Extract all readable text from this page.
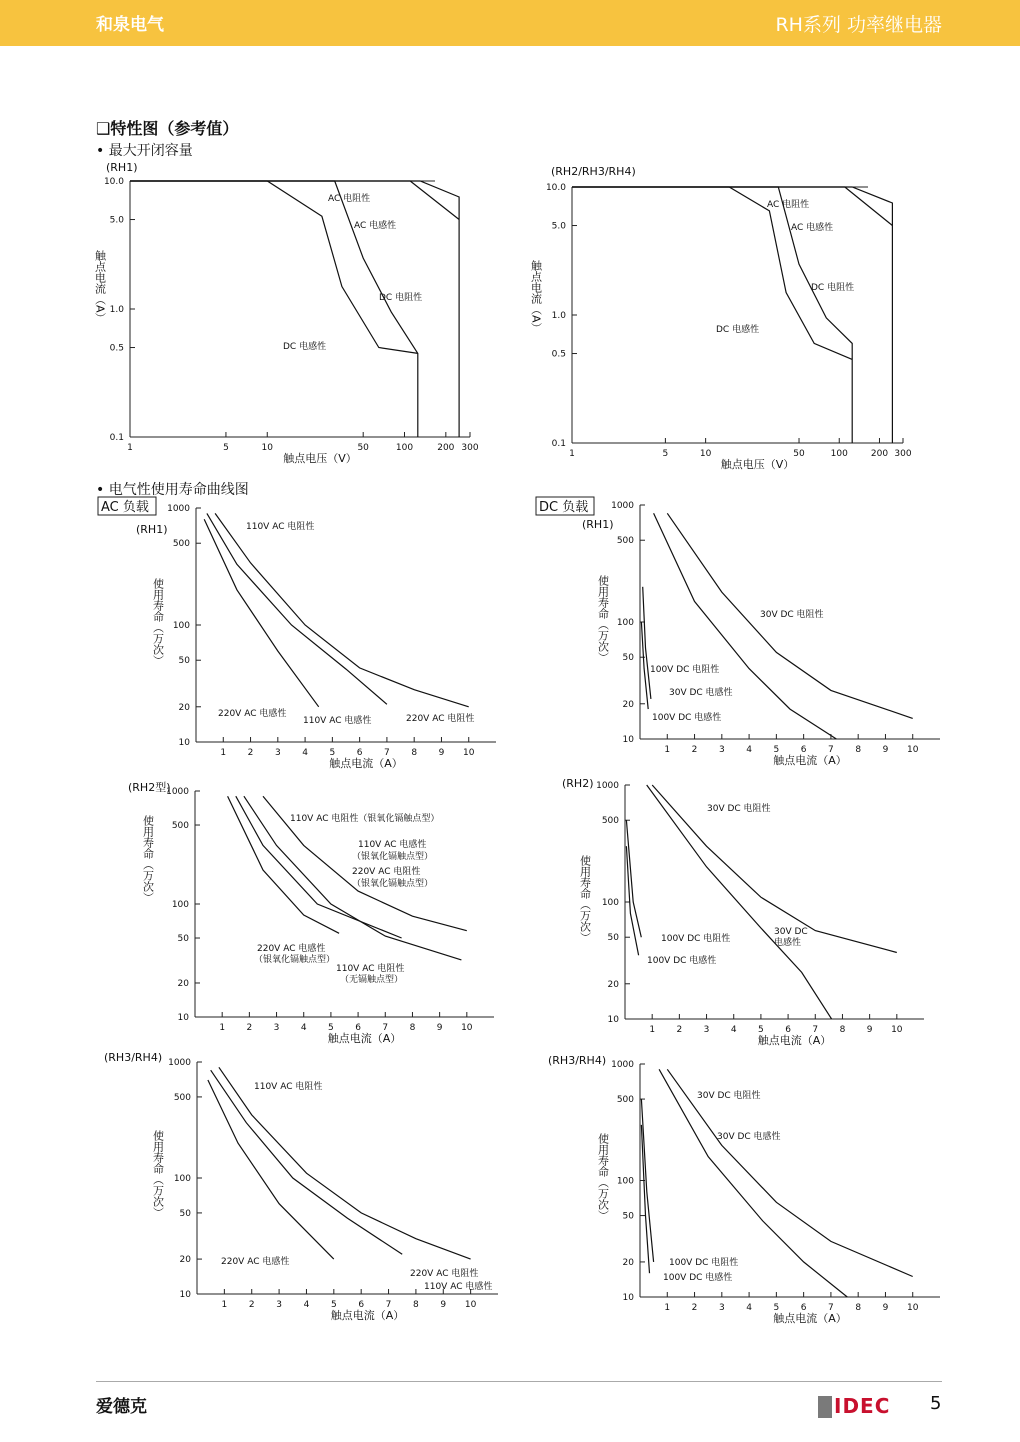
和泉电气	RH系列 功率继电器
❑特性图（参考值）
• 最大开闭容量
• 电气性使用寿命曲线图
1	5	10	50	100	200 300
0.1
0.5
1.0
5.0
10.0
触点电压（V）
触点电流（A）
(RH1)
AC 电阻性
AC 电感性
DC 电阻性
DC 电感性
1	5	10	50	100	200 300
0.1
0.5
1.0
5.0
10.0
触点电压（V）
触点电流（A）
(RH2/RH3/RH4)
AC 电阻性
AC 电感性
DC 电阻性
DC 电感性
1 2 3 4 5 6 7 8 9 10
10
20
50
100
500
1000
触点电流（A）
使用寿命（万次）
(RH1)
AC 负载
110V AC 电阻性
220V AC 电感性
110V AC 电感性	220V AC 电阻性
1 2 3 4 5 6 7 8 9 10
10
20
50
100
500
1000
触点电流（A）
使用寿命（万次）
(RH1)
DC 负载
30V DC 电阻性
100V DC 电阻性
30V DC 电感性
100V DC 电感性
1 2 3 4 5 6 7 8 9 10
10
20
50
100
500
1000
触点电流（A）
使用寿命（万次）
(RH2型)
110V AC 电阻性（银氧化镉触点型）
110V AC 电感性
（银氧化镉触点型）
220V AC 电阻性
（银氧化镉触点型）
220V AC 电感性
（银氧化镉触点型）
110V AC 电阻性
（无镉触点型）
1 2 3 4 5 6 7 8 9 10
10
20
50
100
500
1000
触点电流（A）
使用寿命（万次）
(RH2)
30V DC 电阻性
100V DC 电阻性
100V DC 电感性
30V DC
电感性
1 2 3 4 5 6 7 8 9 10
10
20
50
100
500
1000
触点电流（A）
使用寿命（万次）
(RH3/RH4)
110V AC 电阻性
220V AC 电感性
220V AC 电阻性
110V AC 电感性
1 2 3 4 5 6 7 8 9 10
10
20
50
100
500
1000
触点电流（A）
使用寿命（万次）
(RH3/RH4)
30V DC 电阻性
30V DC 电感性
100V DC 电阻性
100V DC 电感性
爱德克	IDEC 5
